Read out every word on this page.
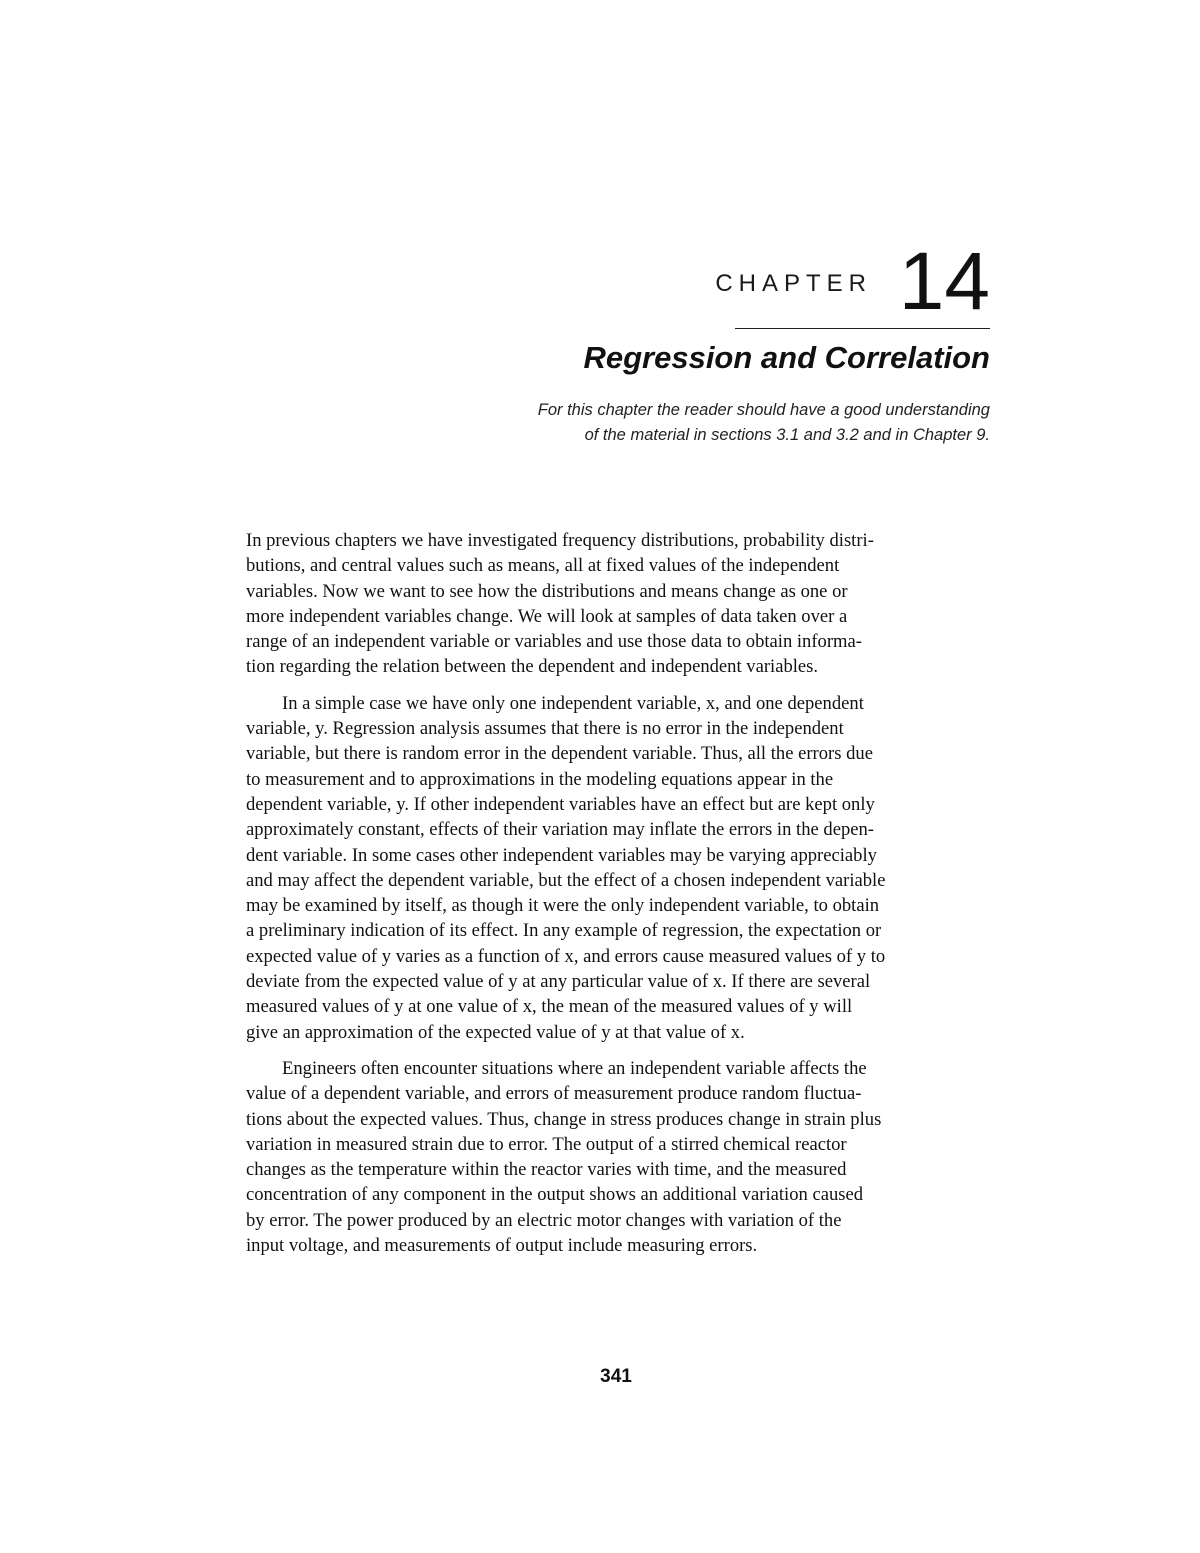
CHAPTER 14
Regression and Correlation
For this chapter the reader should have a good understanding
of the material in sections 3.1 and 3.2 and in Chapter 9.

In previous chapters we have investigated frequency distributions, probability distri-
butions, and central values such as means, all at fixed values of the independent
variables. Now we want to see how the distributions and means change as one or
more independent variables change. We will look at samples of data taken over a
range of an independent variable or variables and use those data to obtain informa-
tion regarding the relation between the dependent and independent variables.

In a simple case we have only one independent variable, x, and one dependent
variable, y. Regression analysis assumes that there is no error in the independent
variable, but there is random error in the dependent variable. Thus, all the errors due
to measurement and to approximations in the modeling equations appear in the
dependent variable, y. If other independent variables have an effect but are kept only
approximately constant, effects of their variation may inflate the errors in the depen-
dent variable. In some cases other independent variables may be varying appreciably
and may affect the dependent variable, but the effect of a chosen independent variable
may be examined by itself, as though it were the only independent variable, to obtain
a preliminary indication of its effect. In any example of regression, the expectation or
expected value of y varies as a function of x, and errors cause measured values of y to
deviate from the expected value of y at any particular value of x. If there are several
measured values of y at one value of x, the mean of the measured values of y will
give an approximation of the expected value of y at that value of x.

Engineers often encounter situations where an independent variable affects the
value of a dependent variable, and errors of measurement produce random fluctua-
tions about the expected values. Thus, change in stress produces change in strain plus
variation in measured strain due to error. The output of a stirred chemical reactor
changes as the temperature within the reactor varies with time, and the measured
concentration of any component in the output shows an additional variation caused
by error. The power produced by an electric motor changes with variation of the
input voltage, and measurements of output include measuring errors.

341
